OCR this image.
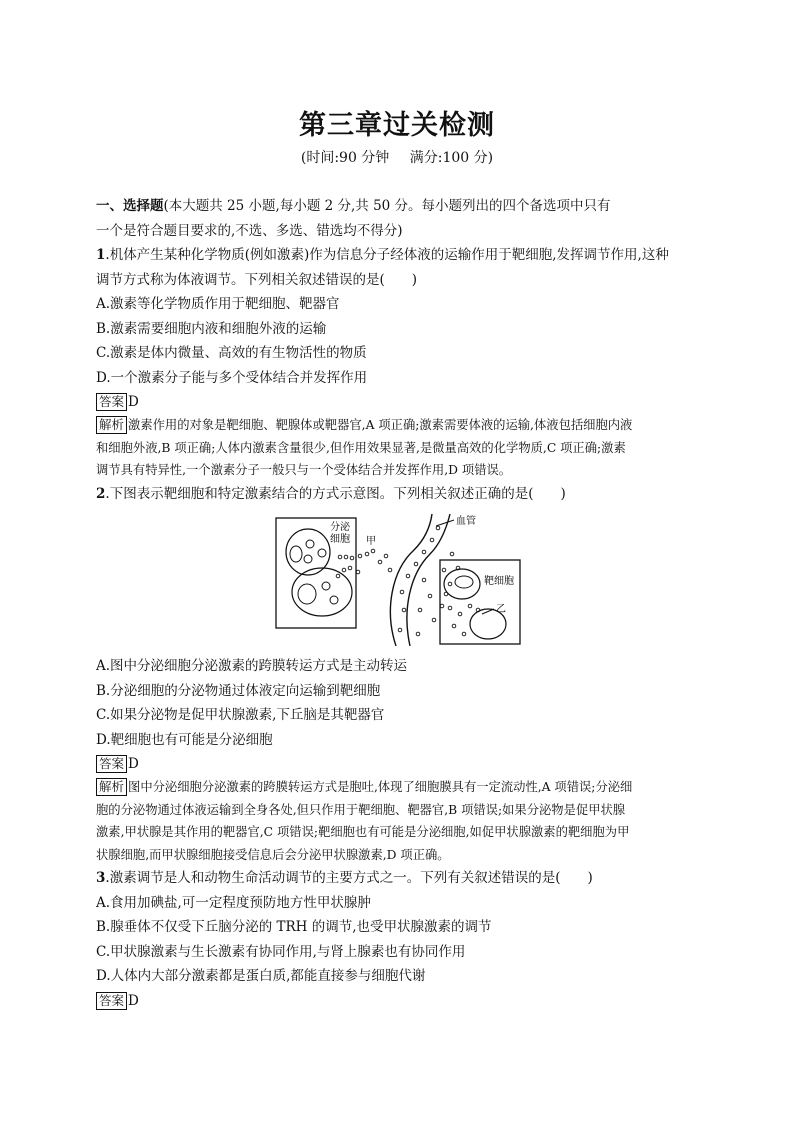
第三章过关检测
(时间:90 分钟 满分:100 分)
一、选择题(本大题共 25 小题,每小题 2 分,共 50 分。每小题列出的四个备选项中只有
一个是符合题目要求的,不选、多选、错选均不得分)
1.机体产生某种化学物质(例如激素)作为信息分子经体液的运输作用于靶细胞,发挥调节作用,这种
调节方式称为体液调节。下列相关叙述错误的是(　　)
A.激素等化学物质作用于靶细胞、靶器官
B.激素需要细胞内液和细胞外液的运输
C.激素是体内微量、高效的有生物活性的物质
D.一个激素分子能与多个受体结合并发挥作用
答案 D
解析 激素作用的对象是靶细胞、靶腺体或靶器官,A 项正确;激素需要体液的运输,体液包括细胞内液
和细胞外液,B 项正确;人体内激素含量很少,但作用效果显著,是微量高效的化学物质,C 项正确;激素
调节具有特异性,一个激素分子一般只与一个受体结合并发挥作用,D 项错误。
2.下图表示靶细胞和特定激素结合的方式示意图。下列相关叙述正确的是(　　)
分泌
细胞 甲
血管
靶细胞
乙
A.图中分泌细胞分泌激素的跨膜转运方式是主动转运
B.分泌细胞的分泌物通过体液定向运输到靶细胞
C.如果分泌物是促甲状腺激素,下丘脑是其靶器官
D.靶细胞也有可能是分泌细胞
答案 D
解析 图中分泌细胞分泌激素的跨膜转运方式是胞吐,体现了细胞膜具有一定流动性,A 项错误;分泌细
胞的分泌物通过体液运输到全身各处,但只作用于靶细胞、靶器官,B 项错误;如果分泌物是促甲状腺
激素,甲状腺是其作用的靶器官,C 项错误;靶细胞也有可能是分泌细胞,如促甲状腺激素的靶细胞为甲
状腺细胞,而甲状腺细胞接受信息后会分泌甲状腺激素,D 项正确。
3.激素调节是人和动物生命活动调节的主要方式之一。下列有关叙述错误的是(　　)
A.食用加碘盐,可一定程度预防地方性甲状腺肿
B.腺垂体不仅受下丘脑分泌的 TRH 的调节,也受甲状腺激素的调节
C.甲状腺激素与生长激素有协同作用,与肾上腺素也有协同作用
D.人体内大部分激素都是蛋白质,都能直接参与细胞代谢
答案 D
